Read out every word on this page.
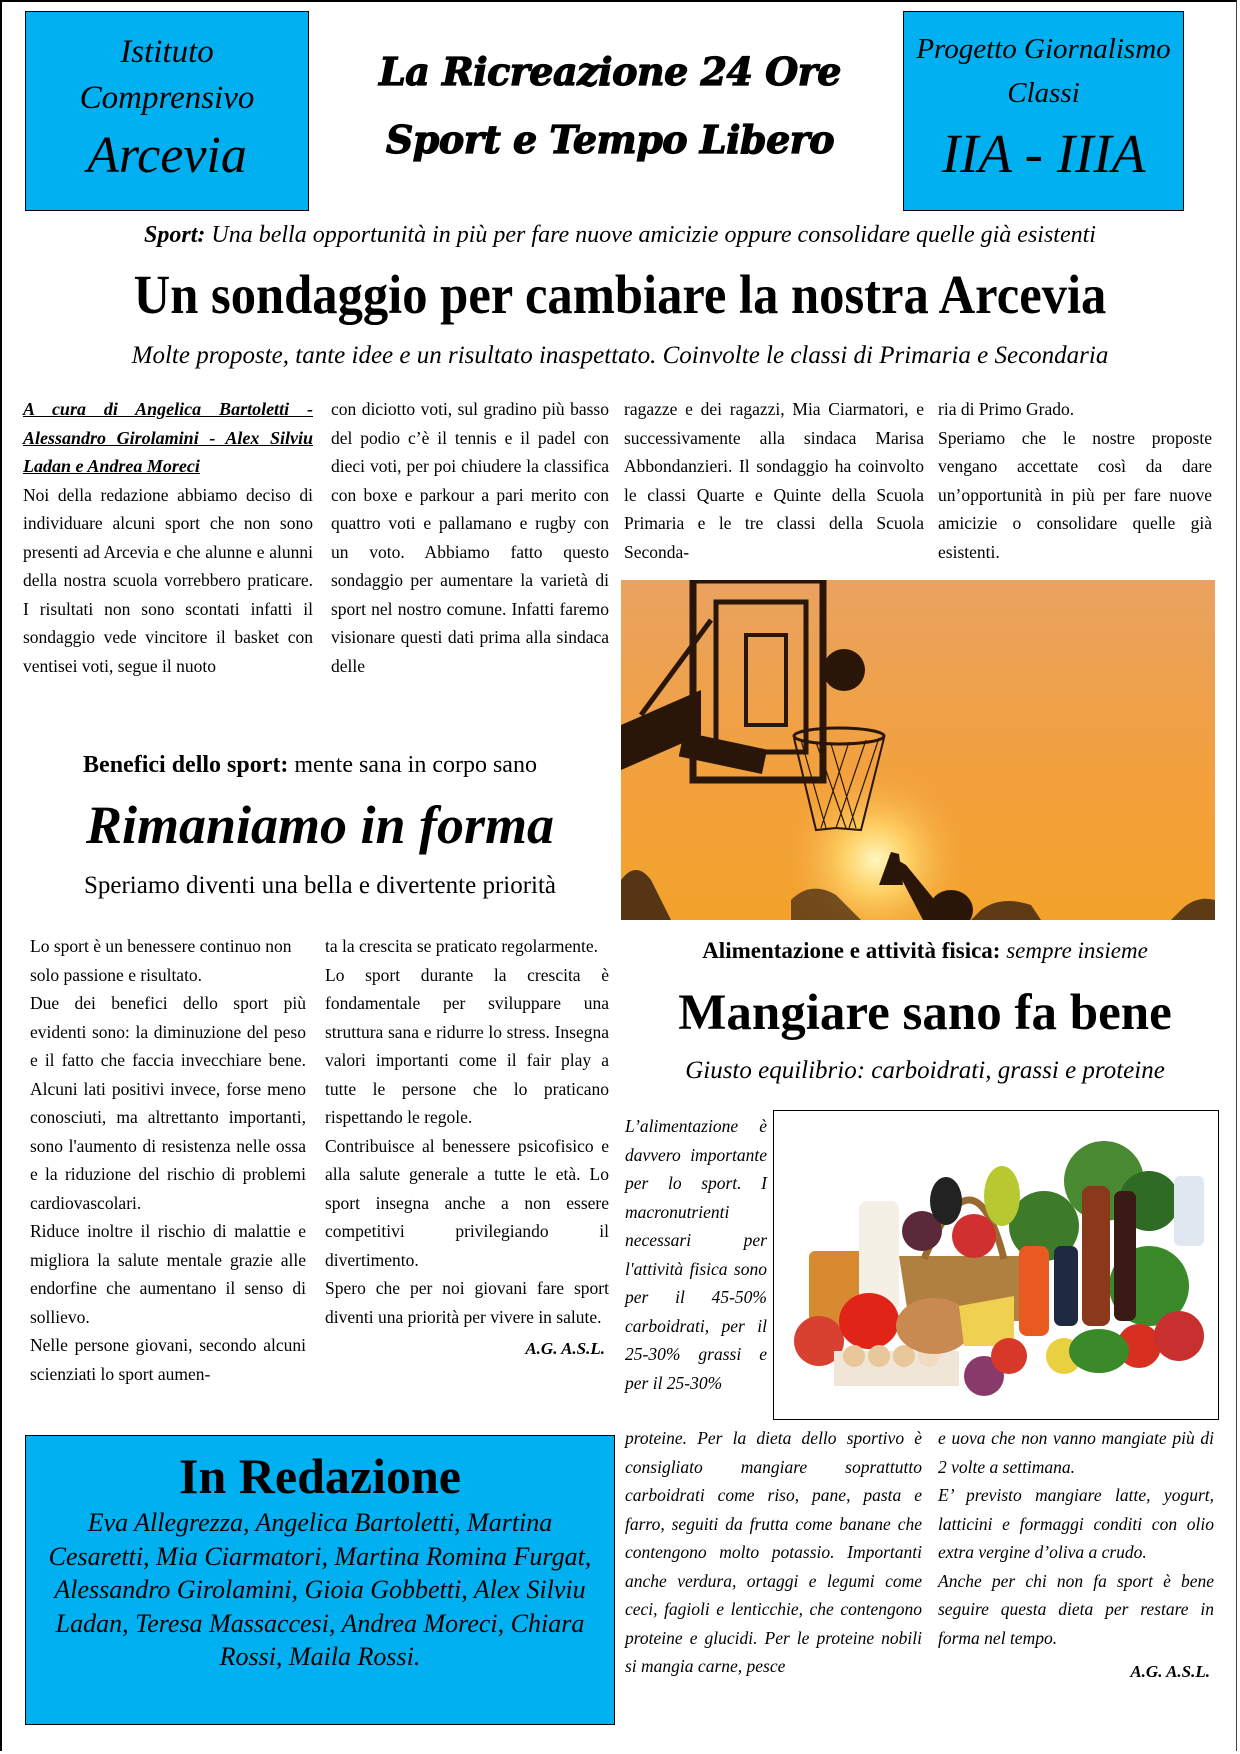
Istituto
Comprensivo
Arcevia
La Ricreazione 24 Ore
Sport e Tempo Libero
Progetto Giornalismo
Classi
IIA - IIIA
Sport: Una bella opportunità in più per fare nuove amicizie oppure consolidare quelle già esistenti
Un sondaggio per cambiare la nostra Arcevia
Molte proposte, tante idee e un risultato inaspettato. Coinvolte le classi di Primaria e Secondaria
A cura di Angelica Bartoletti - Alessandro Girolamini - Alex Silviu Ladan e Andrea Moreci

Noi della redazione abbiamo deciso di individuare alcuni sport che non sono presenti ad Arcevia e che alunne e alunni della nostra scuola vorrebbero praticare. I risultati non sono scontati infatti il sondaggio vede vincitore il basket con ventisei voti, segue il nuoto

con diciotto voti, sul gradino più basso del podio c’è il tennis e il padel con dieci voti, per poi chiudere la classifica con boxe e parkour a pari merito con quattro voti e pallamano e rugby con un voto. Abbiamo fatto questo sondaggio per aumentare la varietà di sport nel nostro comune. Infatti faremo visionare questi dati prima alla sindaca delle

ragazze e dei ragazzi, Mia Ciarmatori, e successivamente alla sindaca Marisa Abbondanzieri. Il sondaggio ha coinvolto le classi Quarte e Quinte della Scuola Primaria e le tre classi della Scuola Seconda-

ria di Primo Grado.

Speriamo che le nostre proposte vengano accettate così da dare un’opportunità in più per fare nuove amicizie o consolidare quelle già esistenti.

Benefici dello sport: mente sana in corpo sano
Rimaniamo in forma
Speriamo diventi una bella e divertente priorità

Lo sport è un benessere continuo non solo passione e risultato.

Due dei benefici dello sport più evidenti sono: la diminuzione del peso e il fatto che faccia invecchiare bene. Alcuni lati positivi invece, forse meno conosciuti, ma altrettanto importanti, sono l'aumento di resistenza nelle ossa e la riduzione del rischio di problemi cardiovascolari.

Riduce inoltre il rischio di malattie e migliora la salute mentale grazie alle endorfine che aumentano il senso di sollievo.

Nelle persone giovani, secondo alcuni scienziati lo sport aumen-

ta la crescita se praticato regolarmente.

Lo sport durante la crescita è fondamentale per sviluppare una struttura sana e ridurre lo stress. Insegna valori importanti come il fair play a tutte le persone che lo praticano rispettando le regole.

Contribuisce al benessere psicofisico e alla salute generale a tutte le età. Lo sport insegna anche a non essere competitivi privilegiando il divertimento.

Spero che per noi giovani fare sport diventi una priorità per vivere in salute.

A.G. A.S.L.
Alimentazione e attività fisica: sempre insieme
Mangiare sano fa bene
Giusto equilibrio: carboidrati, grassi e proteine
L’alimentazione è davvero importante per lo sport. I macronutrienti necessari per l'attività fisica sono per il 45-50% carboidrati, per il 25-30% grassi e per il 25-30%
proteine. Per la dieta dello sportivo è consigliato mangiare soprattutto carboidrati come riso, pane, pasta e farro, seguiti da frutta come banane che contengono molto potassio. Importanti anche verdura, ortaggi e legumi come ceci, fagioli e lenticchie, che contengono proteine e glucidi. Per le proteine nobili si mangia carne, pesce

e uova che non vanno mangiate più di 2 volte a settimana.

E’ previsto mangiare latte, yogurt, latticini e formaggi conditi con olio extra vergine d’oliva a crudo.

Anche per chi non fa sport è bene seguire questa dieta per restare in forma nel tempo.

A.G. A.S.L.
In Redazione
Eva Allegrezza, Angelica Bartoletti, Martina Cesaretti, Mia Ciarmatori, Martina Romina Furgat, Alessandro Girolamini, Gioia Gobbetti, Alex Silviu Ladan, Teresa Massaccesi, Andrea Moreci, Chiara Rossi, Maila Rossi.
